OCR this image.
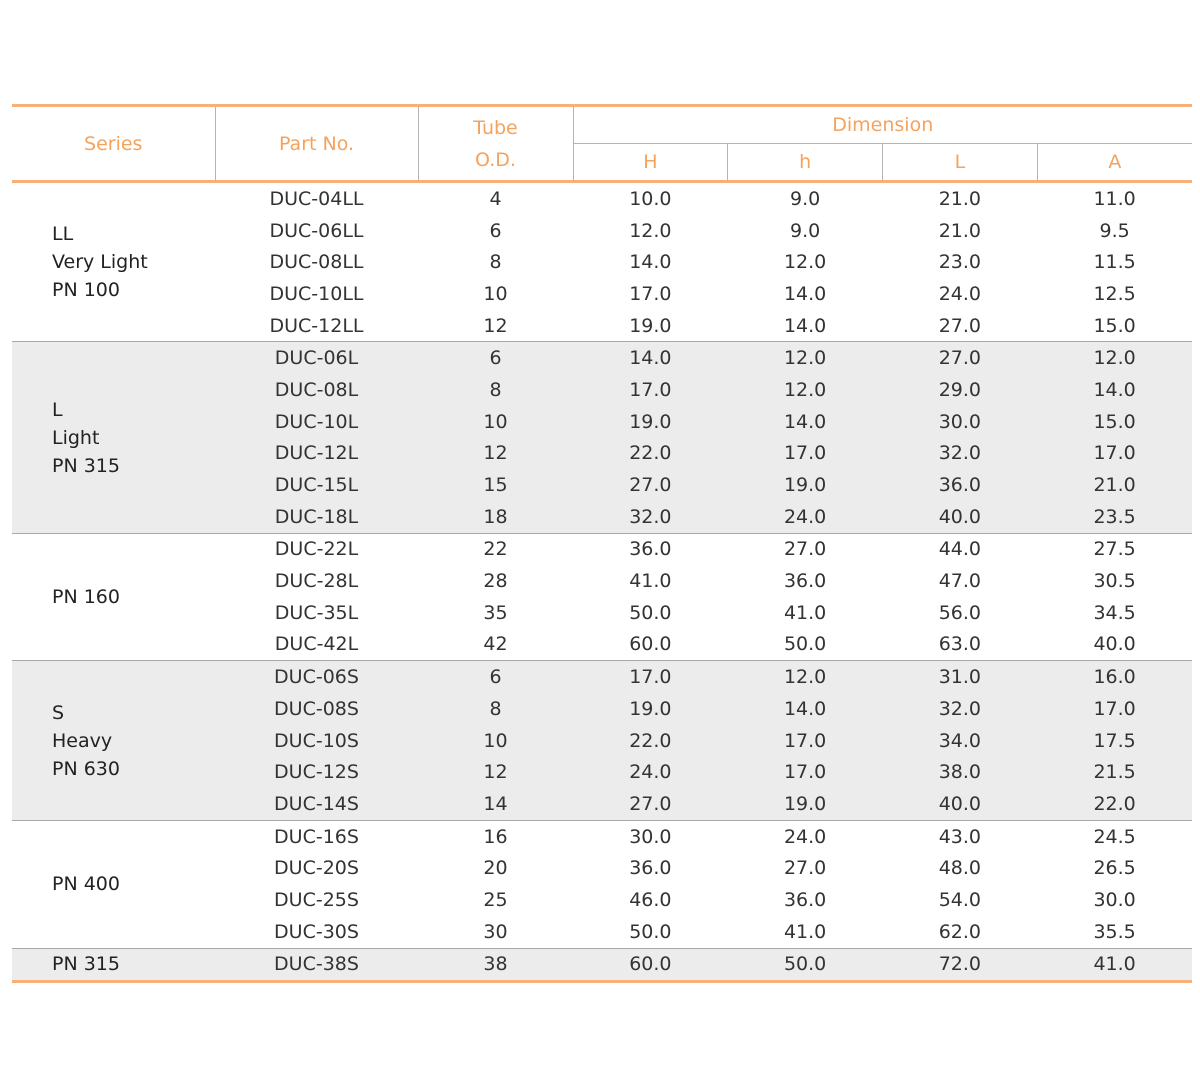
Series	Part No.	Tube
O.D.	Dimension			
			H	h	L	A

LL
Very Light
PN 100	DUC-04LL	4	10.0	9.0	21.0	11.0
	DUC-06LL	6	12.0	9.0	21.0	9.5
	DUC-08LL	8	14.0	12.0	23.0	11.5
	DUC-10LL	10	17.0	14.0	24.0	12.5
	DUC-12LL	12	19.0	14.0	27.0	15.0

L
Light
PN 315	DUC-06L	6	14.0	12.0	27.0	12.0
	DUC-08L	8	17.0	12.0	29.0	14.0
	DUC-10L	10	19.0	14.0	30.0	15.0
	DUC-12L	12	22.0	17.0	32.0	17.0
	DUC-15L	15	27.0	19.0	36.0	21.0
	DUC-18L	18	32.0	24.0	40.0	23.5

PN 160	DUC-22L	22	36.0	27.0	44.0	27.5
	DUC-28L	28	41.0	36.0	47.0	30.5
	DUC-35L	35	50.0	41.0	56.0	34.5
	DUC-42L	42	60.0	50.0	63.0	40.0

S
Heavy
PN 630	DUC-06S	6	17.0	12.0	31.0	16.0
	DUC-08S	8	19.0	14.0	32.0	17.0
	DUC-10S	10	22.0	17.0	34.0	17.5
	DUC-12S	12	24.0	17.0	38.0	21.5
	DUC-14S	14	27.0	19.0	40.0	22.0

PN 400	DUC-16S	16	30.0	24.0	43.0	24.5
	DUC-20S	20	36.0	27.0	48.0	26.5
	DUC-25S	25	46.0	36.0	54.0	30.0
	DUC-30S	30	50.0	41.0	62.0	35.5

PN 315	DUC-38S	38	60.0	50.0	72.0	41.0
